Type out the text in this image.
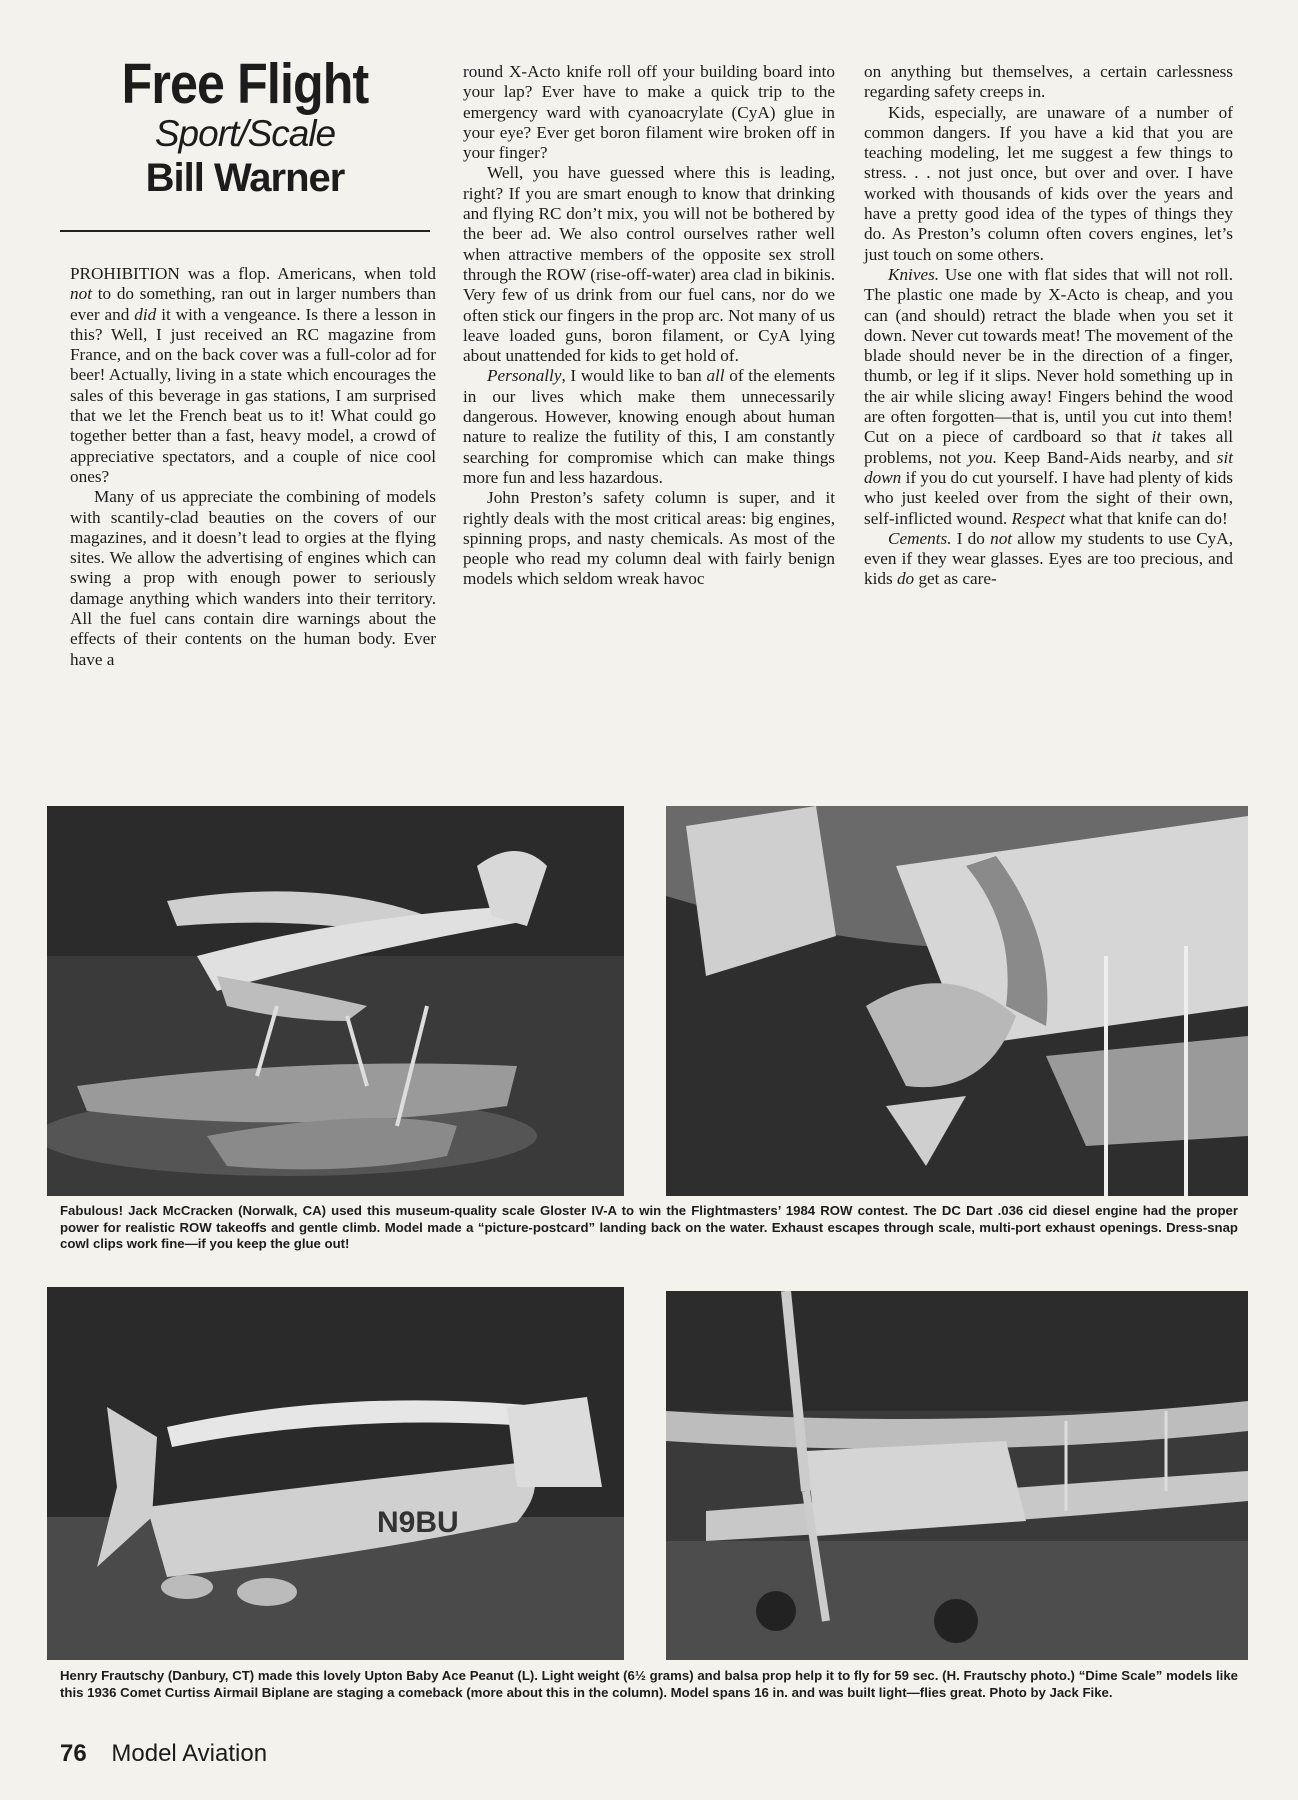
Free Flight
Sport/Scale
Bill Warner

PROHIBITION was a flop. Americans, when told not to do something, ran out in larger numbers than ever and did it with a vengeance. Is there a lesson in this? Well, I just received an RC magazine from France, and on the back cover was a full-color ad for beer! Actually, living in a state which encourages the sales of this beverage in gas stations, I am surprised that we let the French beat us to it! What could go together better than a fast, heavy model, a crowd of appreciative spectators, and a couple of nice cool ones?

Many of us appreciate the combining of models with scantily-clad beauties on the covers of our magazines, and it doesn’t lead to orgies at the flying sites. We allow the advertising of engines which can swing a prop with enough power to seriously damage anything which wanders into their territory. All the fuel cans contain dire warnings about the effects of their contents on the human body. Ever have a

round X-Acto knife roll off your building board into your lap? Ever have to make a quick trip to the emergency ward with cyanoacrylate (CyA) glue in your eye? Ever get boron filament wire broken off in your finger?

Well, you have guessed where this is leading, right? If you are smart enough to know that drinking and flying RC don’t mix, you will not be bothered by the beer ad. We also control ourselves rather well when attractive members of the opposite sex stroll through the ROW (rise-off-water) area clad in bikinis. Very few of us drink from our fuel cans, nor do we often stick our fingers in the prop arc. Not many of us leave loaded guns, boron filament, or CyA lying about unattended for kids to get hold of.

Personally, I would like to ban all of the elements in our lives which make them unnecessarily dangerous. However, knowing enough about human nature to realize the futility of this, I am constantly searching for compromise which can make things more fun and less hazardous.

John Preston’s safety column is super, and it rightly deals with the most critical areas: big engines, spinning props, and nasty chemicals. As most of the people who read my column deal with fairly benign models which seldom wreak havoc

on anything but themselves, a certain carlessness regarding safety creeps in.

Kids, especially, are unaware of a number of common dangers. If you have a kid that you are teaching modeling, let me suggest a few things to stress. . . not just once, but over and over. I have worked with thousands of kids over the years and have a pretty good idea of the types of things they do. As Preston’s column often covers engines, let’s just touch on some others.

Knives. Use one with flat sides that will not roll. The plastic one made by X-Acto is cheap, and you can (and should) retract the blade when you set it down. Never cut towards meat! The movement of the blade should never be in the direction of a finger, thumb, or leg if it slips. Never hold something up in the air while slicing away! Fingers behind the wood are often forgotten—that is, until you cut into them! Cut on a piece of cardboard so that it takes all problems, not you. Keep Band-Aids nearby, and sit down if you do cut yourself. I have had plenty of kids who just keeled over from the sight of their own, self-inflicted wound. Respect what that knife can do!

Cements. I do not allow my students to use CyA, even if they wear glasses. Eyes are too precious, and kids do get as care-

Fabulous! Jack McCracken (Norwalk, CA) used this museum-quality scale Gloster IV-A to win the Flightmasters’ 1984 ROW contest. The DC Dart .036 cid diesel engine had the proper power for realistic ROW takeoffs and gentle climb. Model made a “picture-postcard” landing back on the water. Exhaust escapes through scale, multi-port exhaust openings. Dress-snap cowl clips work fine—if you keep the glue out!
N9BU
Henry Frautschy (Danbury, CT) made this lovely Upton Baby Ace Peanut (L). Light weight (6½ grams) and balsa prop help it to fly for 59 sec. (H. Frautschy photo.) “Dime Scale” models like this 1936 Comet Curtiss Airmail Biplane are staging a comeback (more about this in the column). Model spans 16 in. and was built light—flies great. Photo by Jack Fike.
76 Model Aviation
